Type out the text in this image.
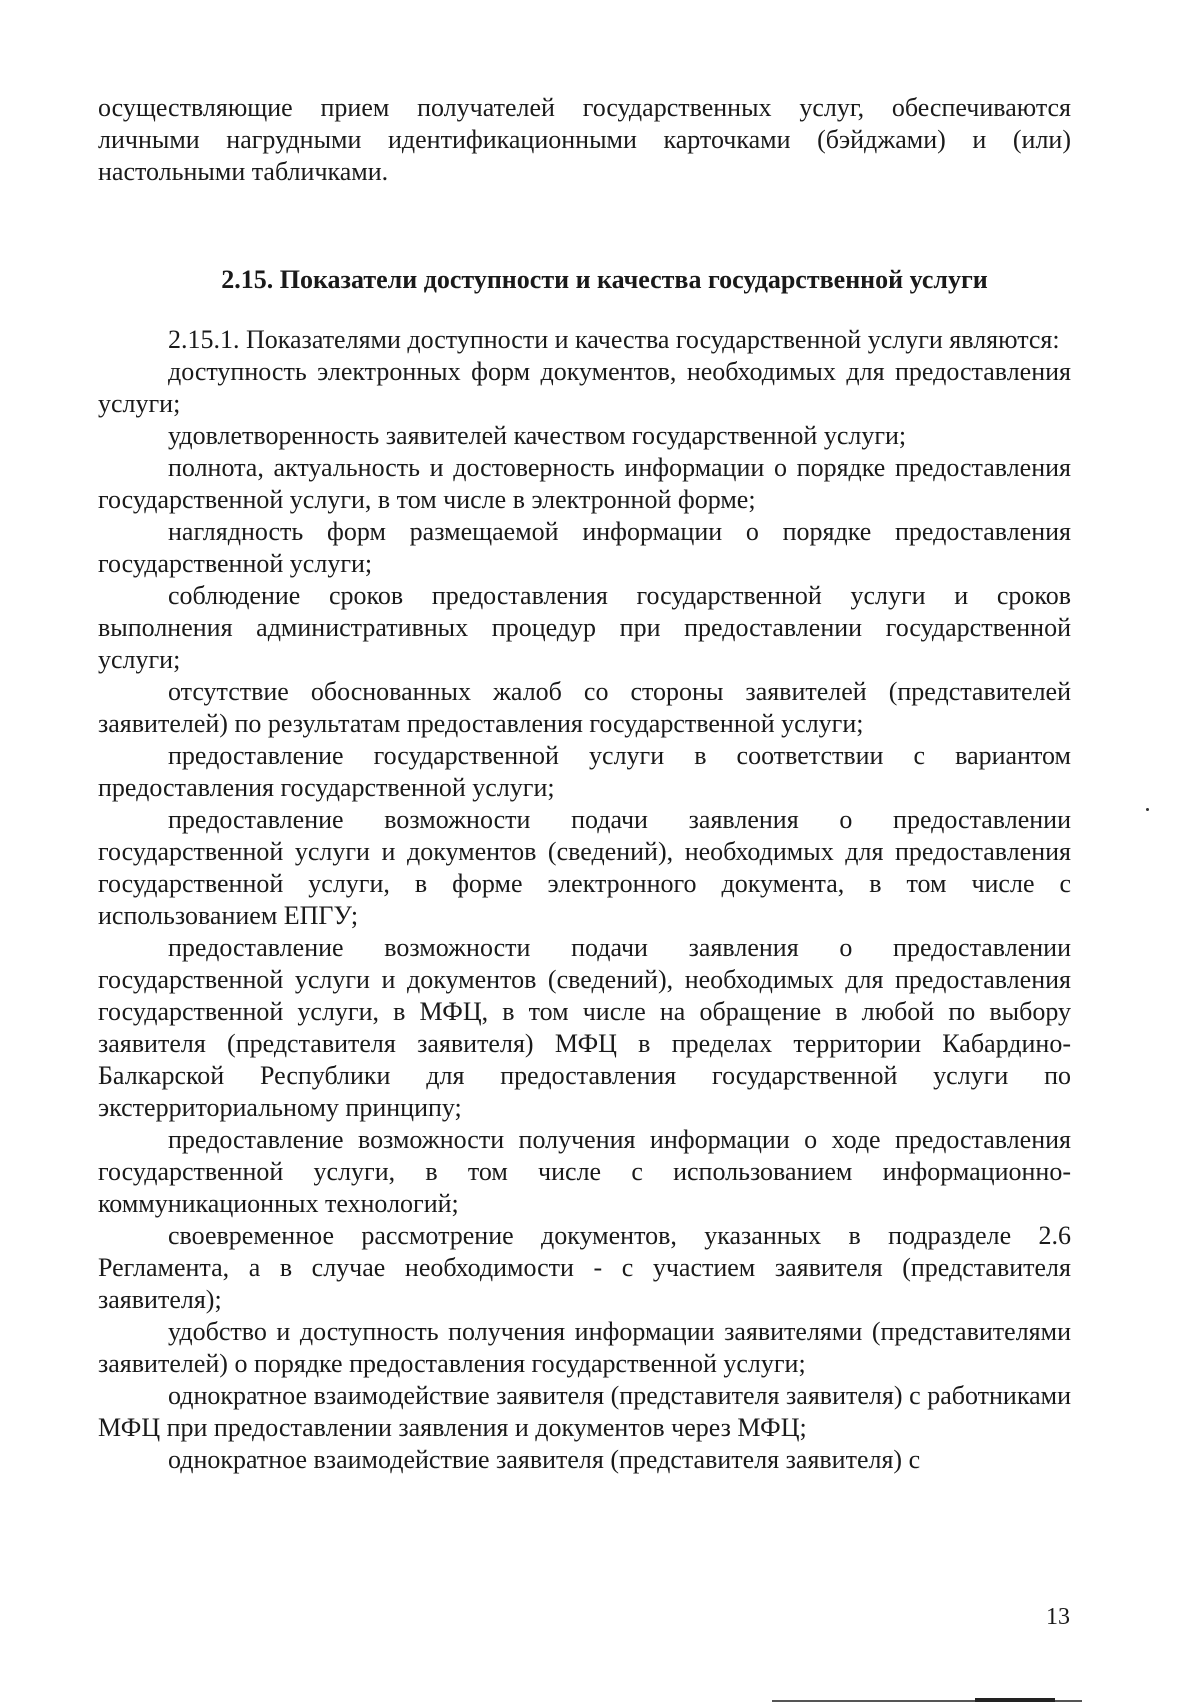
осуществляющие прием получателей государственных услуг, обеспечиваются личными нагрудными идентификационными карточками (бэйджами) и (или) настольными табличками.

2.15. Показатели доступности и качества государственной услуги

2.15.1. Показателями доступности и качества государственной услуги являются:

доступность электронных форм документов, необходимых для предоставления услуги;

удовлетворенность заявителей качеством государственной услуги;

полнота, актуальность и достоверность информации о порядке предоставления государственной услуги, в том числе в электронной форме;

наглядность форм размещаемой информации о порядке предоставления государственной услуги;

соблюдение сроков предоставления государственной услуги и сроков выполнения административных процедур при предоставлении государственной услуги;

отсутствие обоснованных жалоб со стороны заявителей (представителей заявителей) по результатам предоставления государственной услуги;

предоставление государственной услуги в соответствии с вариантом предоставления государственной услуги;

предоставление возможности подачи заявления о предоставлении государственной услуги и документов (сведений), необходимых для предоставления государственной услуги, в форме электронного документа, в том числе с использованием ЕПГУ;

предоставление возможности подачи заявления о предоставлении государственной услуги и документов (сведений), необходимых для предоставления государственной услуги, в МФЦ, в том числе на обращение в любой по выбору заявителя (представителя заявителя) МФЦ в пределах территории Кабардино-Балкарской Республики для предоставления государственной услуги по экстерриториальному принципу;

предоставление возможности получения информации о ходе предоставления государственной услуги, в том числе с использованием информационно-коммуникационных технологий;

своевременное рассмотрение документов, указанных в подразделе 2.6 Регламента, а в случае необходимости - с участием заявителя (представителя заявителя);

удобство и доступность получения информации заявителями (представителями заявителей) о порядке предоставления государственной услуги;

однократное взаимодействие заявителя (представителя заявителя) с работниками МФЦ при предоставлении заявления и документов через МФЦ;

однократное взаимодействие заявителя (представителя заявителя) с

13
